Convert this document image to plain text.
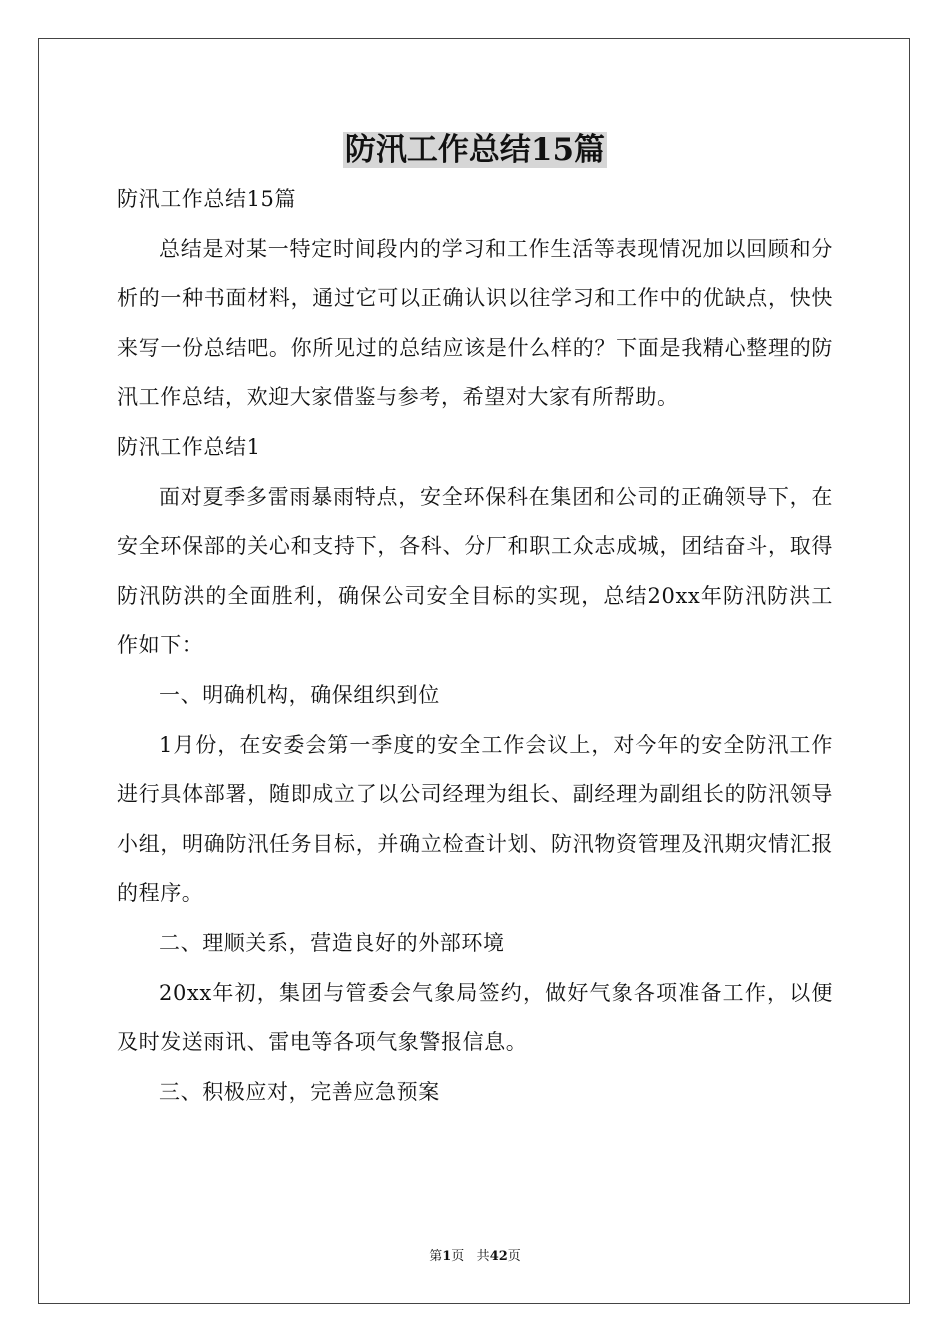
防汛工作总结15篇

防汛工作总结15篇

总结是对某一特定时间段内的学习和工作生活等表现情况加以回顾和分析的一种书面材料，通过它可以正确认识以往学习和工作中的优缺点，快快来写一份总结吧。你所见过的总结应该是什么样的？下面是我精心整理的防汛工作总结，欢迎大家借鉴与参考，希望对大家有所帮助。

防汛工作总结1

面对夏季多雷雨暴雨特点，安全环保科在集团和公司的正确领导下，在安全环保部的关心和支持下，各科、分厂和职工众志成城，团结奋斗，取得防汛防洪的全面胜利，确保公司安全目标的实现，总结20xx年防汛防洪工作如下：

一、明确机构，确保组织到位

1月份，在安委会第一季度的安全工作会议上，对今年的安全防汛工作进行具体部署，随即成立了以公司经理为组长、副经理为副组长的防汛领导小组，明确防汛任务目标，并确立检查计划、防汛物资管理及汛期灾情汇报的程序。

二、理顺关系，营造良好的外部环境

20xx年初，集团与管委会气象局签约，做好气象各项准备工作，以便及时发送雨讯、雷电等各项气象警报信息。

三、积极应对，完善应急预案

第1页 共42页
